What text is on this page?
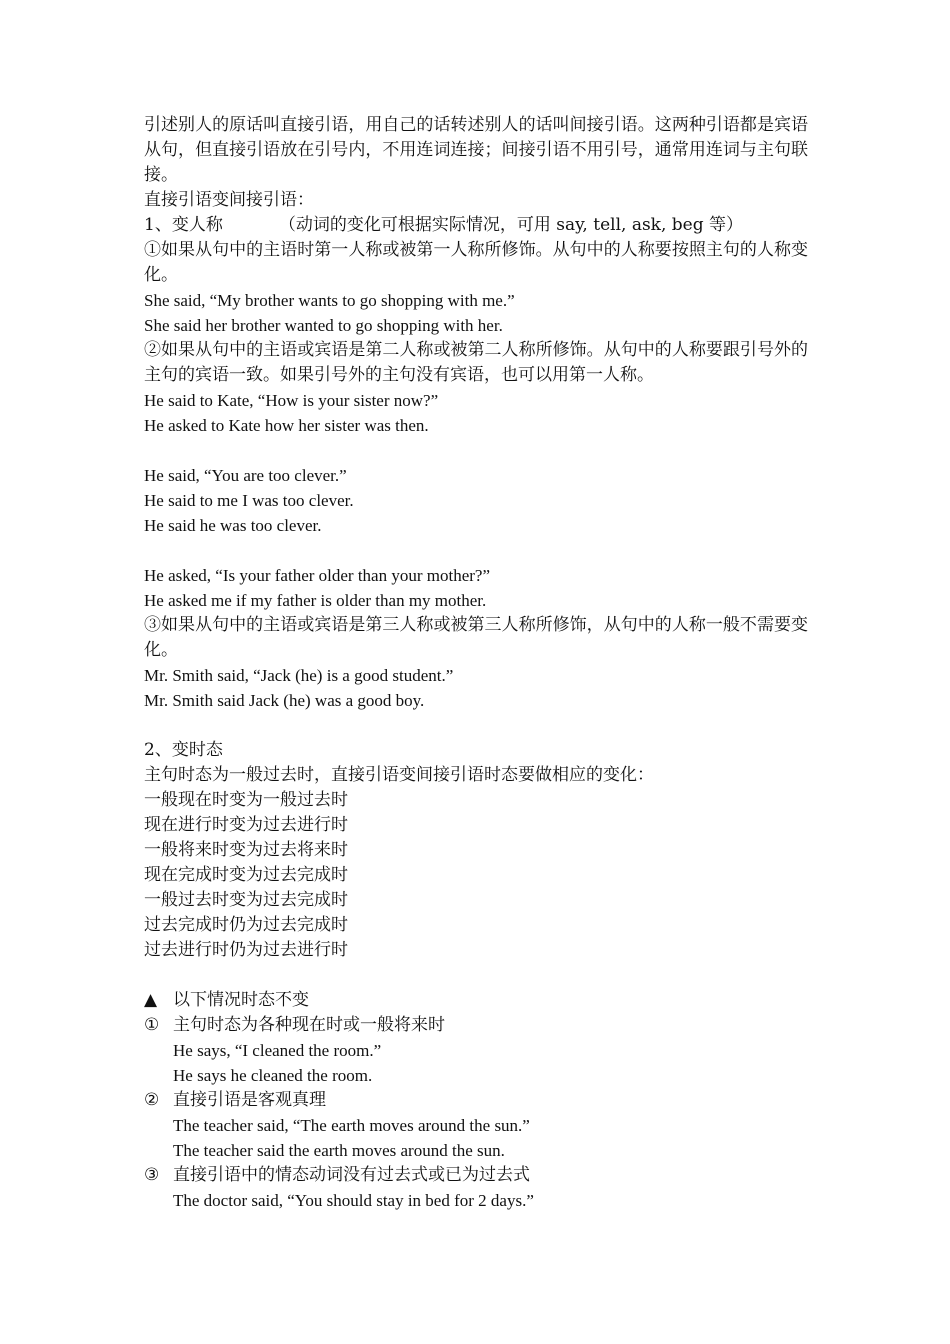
引述别人的原话叫直接引语，用自己的话转述别人的话叫间接引语。这两种引语都是宾语从句，但直接引语放在引号内，不用连词连接；间接引语不用引号，通常用连词与主句联接。
直接引语变间接引语：
1、变人称	（动词的变化可根据实际情况，可用 say, tell, ask, beg 等）
①如果从句中的主语时第一人称或被第一人称所修饰。从句中的人称要按照主句的人称变化。
She said, “My brother wants to go shopping with me.”
She said her brother wanted to go shopping with her.
②如果从句中的主语或宾语是第二人称或被第二人称所修饰。从句中的人称要跟引号外的主句的宾语一致。如果引号外的主句没有宾语，也可以用第一人称。
He said to Kate, “How is your sister now?”
He asked to Kate how her sister was then.
He said, “You are too clever.”
He said to me I was too clever.
He said he was too clever.
He asked, “Is your father older than your mother?”
He asked me if my father is older than my mother.
③如果从句中的主语或宾语是第三人称或被第三人称所修饰，从句中的人称一般不需要变化。
Mr. Smith said, “Jack (he) is a good student.”
Mr. Smith said Jack (he) was a good boy.
2、变时态
主句时态为一般过去时，直接引语变间接引语时态要做相应的变化：
一般现在时变为一般过去时
现在进行时变为过去进行时
一般将来时变为过去将来时
现在完成时变为过去完成时
一般过去时变为过去完成时
过去完成时仍为过去完成时
过去进行时仍为过去进行时
▲ 以下情况时态不变
① 主句时态为各种现在时或一般将来时
He says, “I cleaned the room.”
He says he cleaned the room.
② 直接引语是客观真理
The teacher said, “The earth moves around the sun.”
The teacher said the earth moves around the sun.
③ 直接引语中的情态动词没有过去式或已为过去式
The doctor said, “You should stay in bed for 2 days.”
